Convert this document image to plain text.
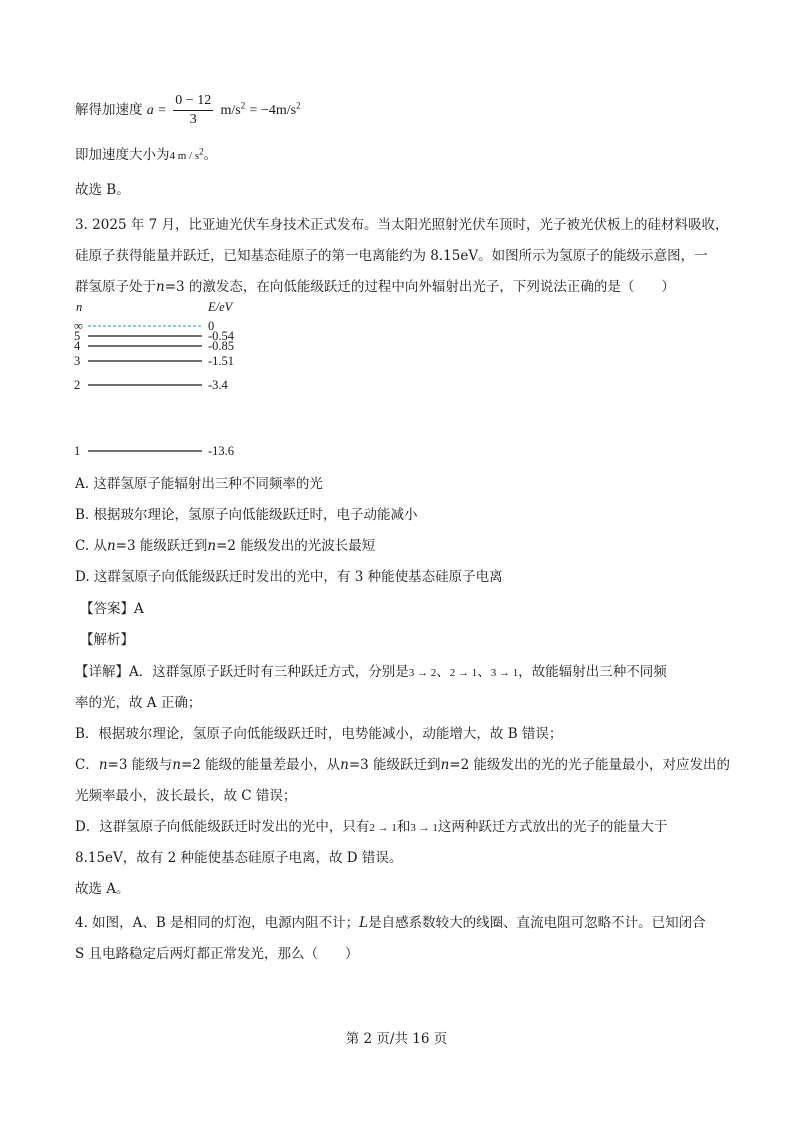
解得加速度 $a = \frac{0 - 12}{3} m/s^2 = -4m/s^2$
即加速度大小为4 m / $s^2$。
故选 B。
3. 2025 年 7 月，比亚迪光伏车身技术正式发布。当太阳光照射光伏车顶时，光子被光伏板上的硅材料吸收，
硅原子获得能量并跃迁，已知基态硅原子的第一电离能约为 8.15eV。如图所示为氢原子的能级示意图，一
群氢原子处于n=3 的激发态，在向低能级跃迁的过程中向外辐射出光子，下列说法正确的是（　　）
n	E/eV
∞	0
5	-0.54
4	-0.85
3	-1.51
2	-3.4
1	-13.6
A. 这群氢原子能辐射出三种不同频率的光
B. 根据玻尔理论，氢原子向低能级跃迁时，电子动能减小
C. 从n=3 能级跃迁到n=2 能级发出的光波长最短
D. 这群氢原子向低能级跃迁时发出的光中，有 3 种能使基态硅原子电离
【答案】A
【解析】
【详解】A．这群氢原子跃迁时有三种跃迁方式，分别是3 → 2、2 → 1、3 → 1，故能辐射出三种不同频
率的光，故 A 正确；
B．根据玻尔理论，氢原子向低能级跃迁时，电势能减小，动能增大，故 B 错误；
C．n=3 能级与n=2 能级的能量差最小，从n=3 能级跃迁到n=2 能级发出的光的光子能量最小，对应发出的
光频率最小，波长最长，故 C 错误；
D．这群氢原子向低能级跃迁时发出的光中，只有2 → 1和3 → 1这两种跃迁方式放出的光子的能量大于
8.15eV，故有 2 种能使基态硅原子电离，故 D 错误。
故选 A。
4. 如图，A、B 是相同的灯泡，电源内阻不计；L是自感系数较大的线圈、直流电阻可忽略不计。已知闭合
S 且电路稳定后两灯都正常发光，那么（　　）
第 2 页/共 16 页
